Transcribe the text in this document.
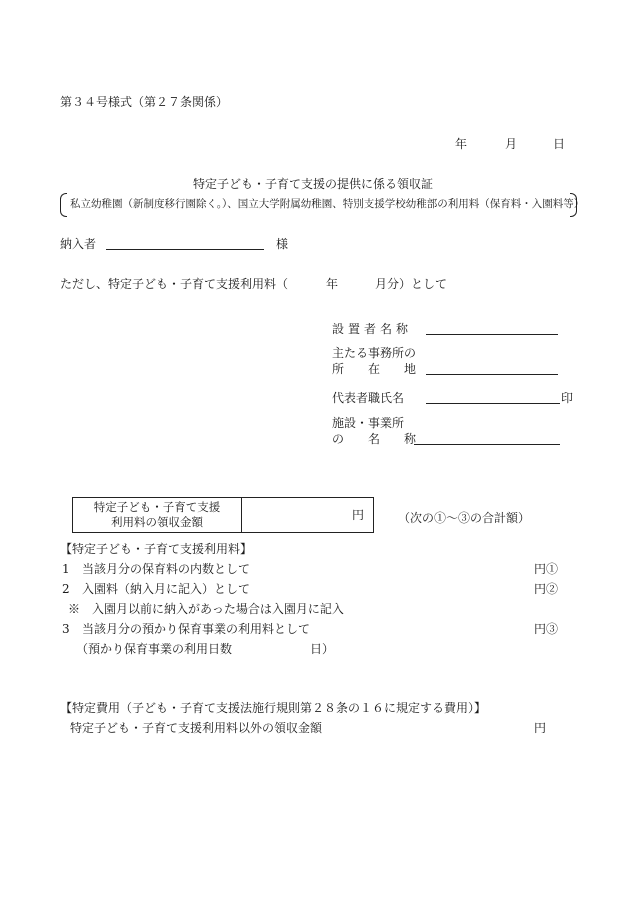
第３４号様式（第２７条関係）
年	月	日
特定子ども・子育て支援の提供に係る領収証
私立幼稚園（新制度移行園除く。）、国立大学附属幼稚園、特別支援学校幼稚部の利用料（保育料・入園料等）
納入者	様
ただし、特定子ども・子育て支援利用料（	年	月分）として
設置者名称
主たる事務所の
所　　在　　地
代表者職氏名	印
施設・事業所
の　　名　　称
特定子ども・子育て支援
利用料の領収金額	円	（次の①～③の合計額）
【特定子ども・子育て支援利用料】
1 当該月分の保育料の内数として	円①
2 入園料（納入月に記入）として	円②
※　入園月以前に納入があった場合は入園月に記入
3 当該月分の預かり保育事業の利用料として	円③
（預かり保育事業の利用日数	日）
【特定費用（子ども・子育て支援法施行規則第２８条の１６に規定する費用）】
特定子ども・子育て支援利用料以外の領収金額	円
